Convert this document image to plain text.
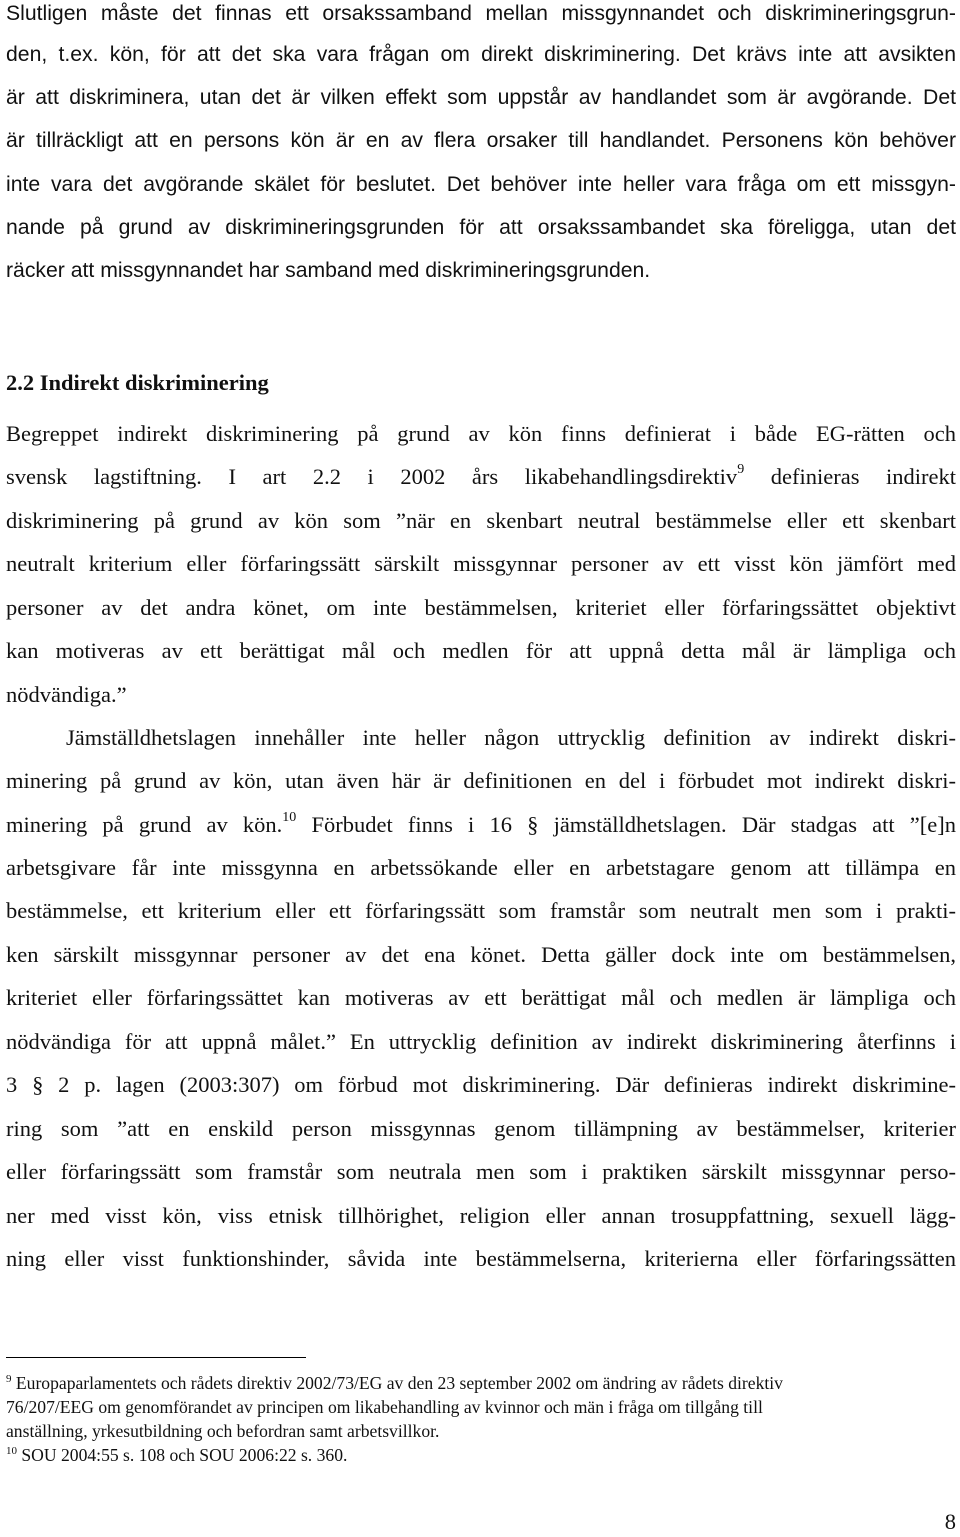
Slutligen måste det finnas ett orsakssamband mellan missgynnandet och diskrimineringsgrun-
den, t.ex. kön, för att det ska vara frågan om direkt diskriminering. Det krävs inte att avsikten
är att diskriminera, utan det är vilken effekt som uppstår av handlandet som är avgörande. Det
är tillräckligt att en persons kön är en av flera orsaker till handlandet. Personens kön behöver
inte vara det avgörande skälet för beslutet. Det behöver inte heller vara fråga om ett missgyn-
nande på grund av diskrimineringsgrunden för att orsakssambandet ska föreligga, utan det
räcker att missgynnandet har samband med diskrimineringsgrunden.
2.2 Indirekt diskriminering
Begreppet indirekt diskriminering på grund av kön finns definierat i både EG-rätten och
svensk lagstiftning. I art 2.2 i 2002 års likabehandlingsdirektiv$^9$ definieras indirekt
diskriminering på grund av kön som ”när en skenbart neutral bestämmelse eller ett skenbart
neutralt kriterium eller förfaringssätt särskilt missgynnar personer av ett visst kön jämfört med
personer av det andra könet, om inte bestämmelsen, kriteriet eller förfaringssättet objektivt
kan motiveras av ett berättigat mål och medlen för att uppnå detta mål är lämpliga och
nödvändiga.”
Jämställdhetslagen innehåller inte heller någon uttrycklig definition av indirekt diskri-
minering på grund av kön, utan även här är definitionen en del i förbudet mot indirekt diskri-
minering på grund av kön.$^{10}$ Förbudet finns i 16 § jämställdhetslagen. Där stadgas att ”[e]n
arbetsgivare får inte missgynna en arbetssökande eller en arbetstagare genom att tillämpa en
bestämmelse, ett kriterium eller ett förfaringssätt som framstår som neutralt men som i prakti-
ken särskilt missgynnar personer av det ena könet. Detta gäller dock inte om bestämmelsen,
kriteriet eller förfaringssättet kan motiveras av ett berättigat mål och medlen är lämpliga och
nödvändiga för att uppnå målet.” En uttrycklig definition av indirekt diskriminering återfinns i
3 § 2 p. lagen (2003:307) om förbud mot diskriminering. Där definieras indirekt diskrimine-
ring som ”att en enskild person missgynnas genom tillämpning av bestämmelser, kriterier
eller förfaringssätt som framstår som neutrala men som i praktiken särskilt missgynnar perso-
ner med visst kön, viss etnisk tillhörighet, religion eller annan trosuppfattning, sexuell lägg-
ning eller visst funktionshinder, såvida inte bestämmelserna, kriterierna eller förfaringssätten
$^9$ Europaparlamentets och rådets direktiv 2002/73/EG av den 23 september 2002 om ändring av rådets direktiv
76/207/EEG om genomförandet av principen om likabehandling av kvinnor och män i fråga om tillgång till
anställning, yrkesutbildning och befordran samt arbetsvillkor.
$^{10}$ SOU 2004:55 s. 108 och SOU 2006:22 s. 360.
8
